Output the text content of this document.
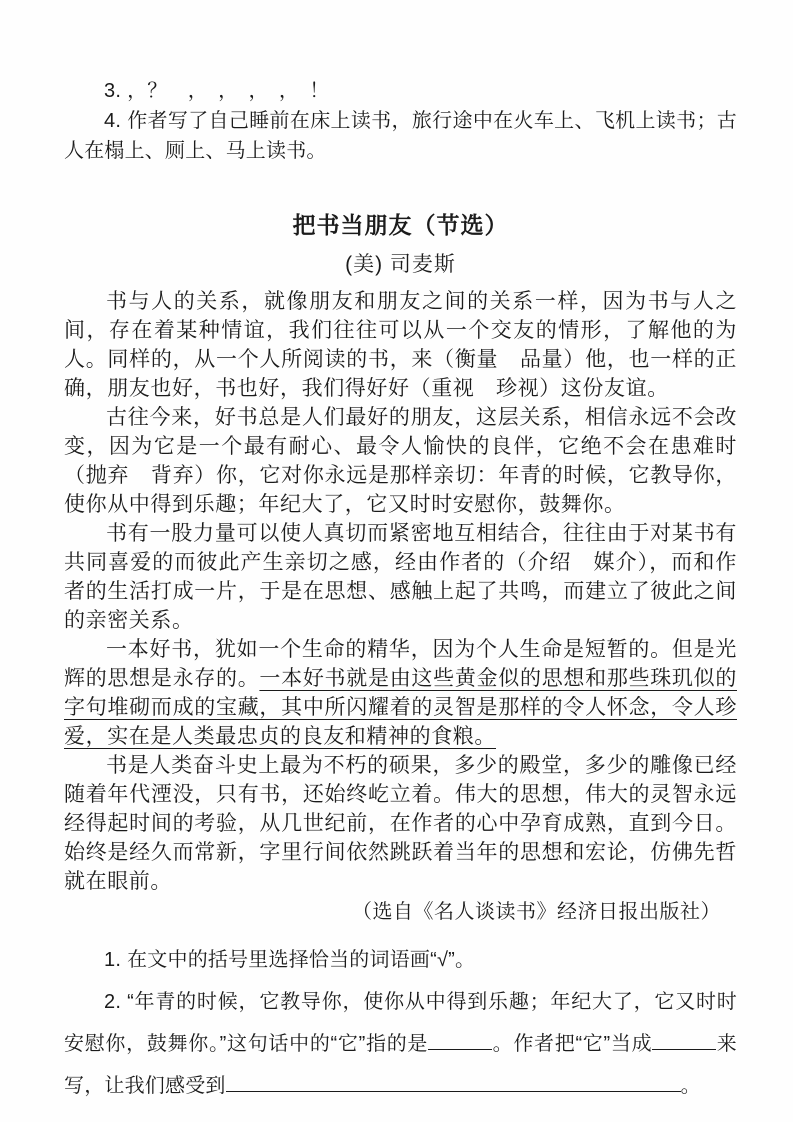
3. ，？　，　，　，　，　！

4. 作者写了自己睡前在床上读书，旅行途中在火车上、飞机上读书；古人在榻上、厕上、马上读书。

把书当朋友（节选）
(美) 司麦斯

书与人的关系，就像朋友和朋友之间的关系一样，因为书与人之间，存在着某种情谊，我们往往可以从一个交友的情形，了解他的为人。同样的，从一个人所阅读的书，来（衡量　品量）他，也一样的正确，朋友也好，书也好，我们得好好（重视　珍视）这份友谊。

古往今来，好书总是人们最好的朋友，这层关系，相信永远不会改变，因为它是一个最有耐心、最令人愉快的良伴，它绝不会在患难时（抛弃　背弃）你，它对你永远是那样亲切：年青的时候，它教导你，使你从中得到乐趣；年纪大了，它又时时安慰你，鼓舞你。

书有一股力量可以使人真切而紧密地互相结合，往往由于对某书有共同喜爱的而彼此产生亲切之感，经由作者的（介绍　媒介），而和作者的生活打成一片，于是在思想、感触上起了共鸣，而建立了彼此之间的亲密关系。

一本好书，犹如一个生命的精华，因为个人生命是短暂的。但是光辉的思想是永存的。一本好书就是由这些黄金似的思想和那些珠玑似的字句堆砌而成的宝藏，其中所闪耀着的灵智是那样的令人怀念，令人珍爱，实在是人类最忠贞的良友和精神的食粮。

书是人类奋斗史上最为不朽的硕果，多少的殿堂，多少的雕像已经随着年代湮没，只有书，还始终屹立着。伟大的思想，伟大的灵智永远经得起时间的考验，从几世纪前，在作者的心中孕育成熟，直到今日。始终是经久而常新，字里行间依然跳跃着当年的思想和宏论，仿佛先哲就在眼前。

（选自《名人谈读书》经济日报出版社）

1. 在文中的括号里选择恰当的词语画“√”。

2. “年青的时候，它教导你，使你从中得到乐趣；年纪大了，它又时时安慰你，鼓舞你。”这句话中的“它”指的是	。作者把“它”当成	来写，让我们感受到	。
